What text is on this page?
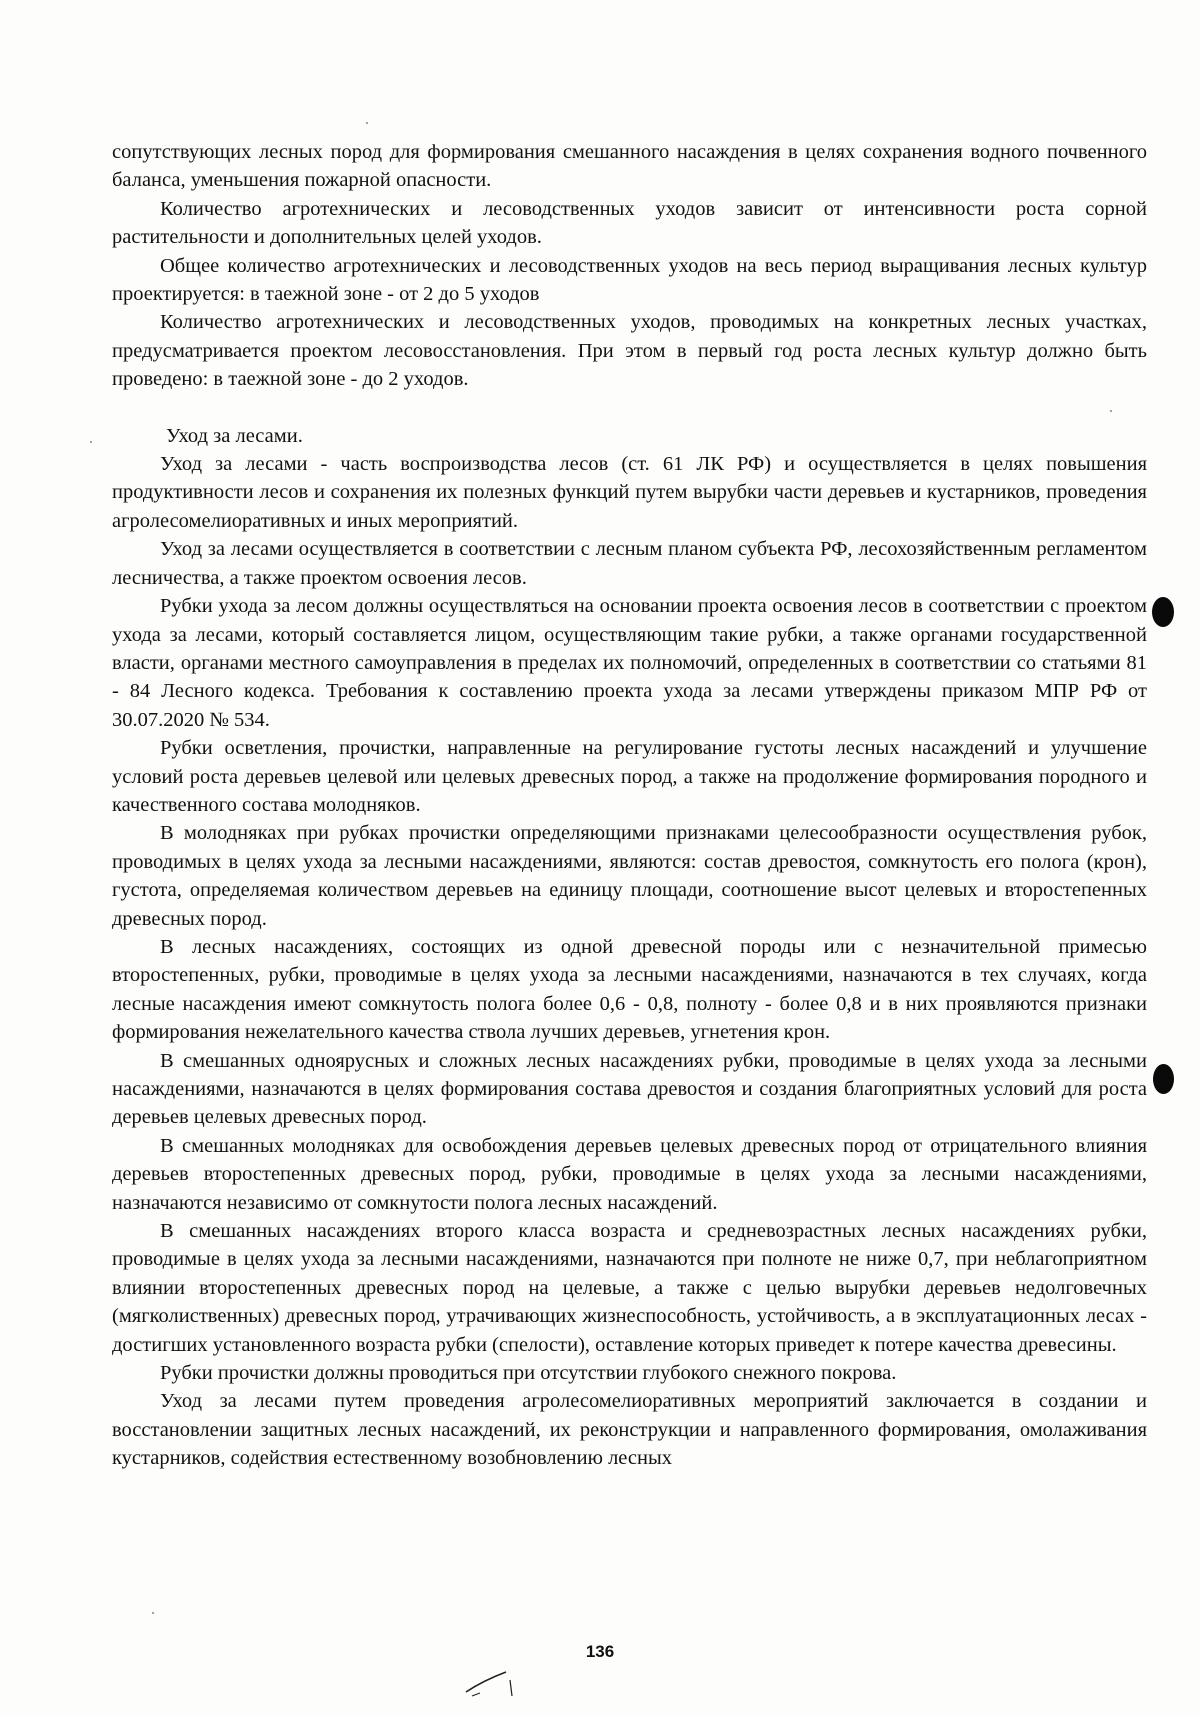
сопутствующих лесных пород для формирования смешанного насаждения в целях сохранения водного почвенного баланса, уменьшения пожарной опасности.

Количество агротехнических и лесоводственных уходов зависит от интенсивности роста сорной растительности и дополнительных целей уходов.

Общее количество агротехнических и лесоводственных уходов на весь период выращивания лесных культур проектируется: в таежной зоне - от 2 до 5 уходов

Количество агротехнических и лесоводственных уходов, проводимых на конкретных лесных участках, предусматривается проектом лесовосстановления. При этом в первый год роста лесных культур должно быть проведено: в таежной зоне - до 2 уходов.

Уход за лесами.

Уход за лесами - часть воспроизводства лесов (ст. 61 ЛК РФ) и осуществляется в целях повышения продуктивности лесов и сохранения их полезных функций путем вырубки части деревьев и кустарников, проведения агролесомелиоративных и иных мероприятий.

Уход за лесами осуществляется в соответствии с лесным планом субъекта РФ, лесохозяйственным регламентом лесничества, а также проектом освоения лесов.

Рубки ухода за лесом должны осуществляться на основании проекта освоения лесов в соответствии с проектом ухода за лесами, который составляется лицом, осуществляющим такие рубки, а также органами государственной власти, органами местного самоуправления в пределах их полномочий, определенных в соответствии со статьями 81 - 84 Лесного кодекса. Требования к составлению проекта ухода за лесами утверждены приказом МПР РФ от 30.07.2020 № 534.

Рубки осветления, прочистки, направленные на регулирование густоты лесных насаждений и улучшение условий роста деревьев целевой или целевых древесных пород, а также на продолжение формирования породного и качественного состава молодняков.

В молодняках при рубках прочистки определяющими признаками целесообразности осуществления рубок, проводимых в целях ухода за лесными насаждениями, являются: состав древостоя, сомкнутость его полога (крон), густота, определяемая количеством деревьев на единицу площади, соотношение высот целевых и второстепенных древесных пород.

В лесных насаждениях, состоящих из одной древесной породы или с незначительной примесью второстепенных, рубки, проводимые в целях ухода за лесными насаждениями, назначаются в тех случаях, когда лесные насаждения имеют сомкнутость полога более 0,6 - 0,8, полноту - более 0,8 и в них проявляются признаки формирования нежелательного качества ствола лучших деревьев, угнетения крон.

В смешанных одноярусных и сложных лесных насаждениях рубки, проводимые в целях ухода за лесными насаждениями, назначаются в целях формирования состава древостоя и создания благоприятных условий для роста деревьев целевых древесных пород.

В смешанных молодняках для освобождения деревьев целевых древесных пород от отрицательного влияния деревьев второстепенных древесных пород, рубки, проводимые в целях ухода за лесными насаждениями, назначаются независимо от сомкнутости полога лесных насаждений.

В смешанных насаждениях второго класса возраста и средневозрастных лесных насаждениях рубки, проводимые в целях ухода за лесными насаждениями, назначаются при полноте не ниже 0,7, при неблагоприятном влиянии второстепенных древесных пород на целевые, а также с целью вырубки деревьев недолговечных (мягколиственных) древесных пород, утрачивающих жизнеспособность, устойчивость, а в эксплуатационных лесах - достигших установленного возраста рубки (спелости), оставление которых приведет к потере качества древесины.

Рубки прочистки должны проводиться при отсутствии глубокого снежного покрова.

Уход за лесами путем проведения агролесомелиоративных мероприятий заключается в создании и восстановлении защитных лесных насаждений, их реконструкции и направленного формирования, омолаживания кустарников, содействия естественному возобновлению лесных

136
